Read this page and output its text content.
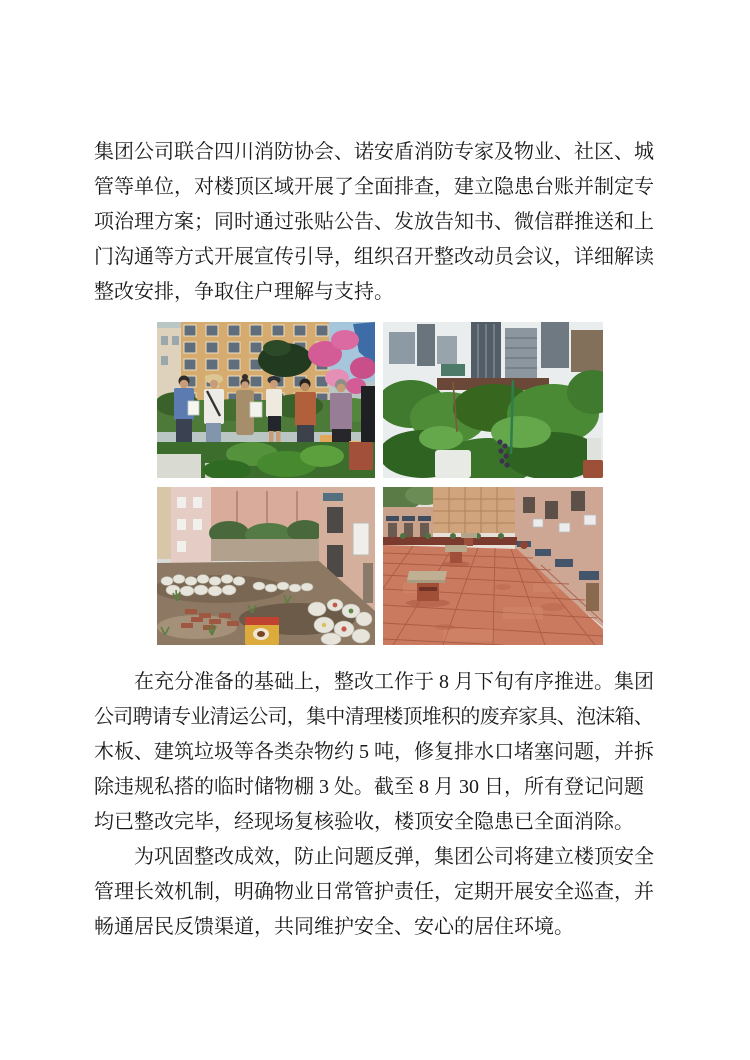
集团公司联合四川消防协会、诺安盾消防专家及物业、社区、城
管等单位，对楼顶区域开展了全面排查，建立隐患台账并制定专
项治理方案；同时通过张贴公告、发放告知书、微信群推送和上
门沟通等方式开展宣传引导，组织召开整改动员会议，详细解读
整改安排，争取住户理解与支持。
　　在充分准备的基础上，整改工作于 8 月下旬有序推进。集团
公司聘请专业清运公司，集中清理楼顶堆积的废弃家具、泡沫箱、
木板、建筑垃圾等各类杂物约 5 吨，修复排水口堵塞问题，并拆
除违规私搭的临时储物棚 3 处。截至 8 月 30 日，所有登记问题
均已整改完毕，经现场复核验收，楼顶安全隐患已全面消除。
　　为巩固整改成效，防止问题反弹，集团公司将建立楼顶安全
管理长效机制，明确物业日常管护责任，定期开展安全巡查，并
畅通居民反馈渠道，共同维护安全、安心的居住环境。
